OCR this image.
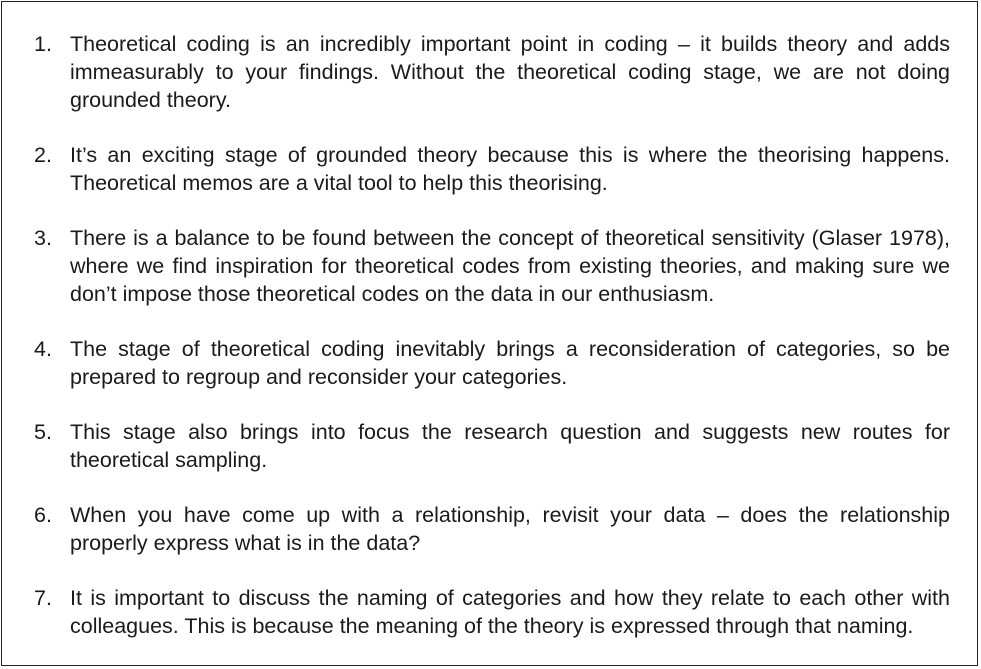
1. Theoretical coding is an incredibly important point in coding – it builds theory and adds immeasurably to your findings. Without the theoretical coding stage, we are not doing grounded theory.
2. It’s an exciting stage of grounded theory because this is where the theorising happens. Theoretical memos are a vital tool to help this theorising.
3. There is a balance to be found between the concept of theoretical sensitivity (Glaser 1978), where we find inspiration for theoretical codes from existing theories, and making sure we don’t impose those theoretical codes on the data in our enthusiasm.
4. The stage of theoretical coding inevitably brings a reconsideration of categories, so be prepared to regroup and reconsider your categories.
5. This stage also brings into focus the research question and suggests new routes for theoretical sampling.
6. When you have come up with a relationship, revisit your data – does the relationship properly express what is in the data?
7. It is important to discuss the naming of categories and how they relate to each other with colleagues. This is because the meaning of the theory is expressed through that naming.
